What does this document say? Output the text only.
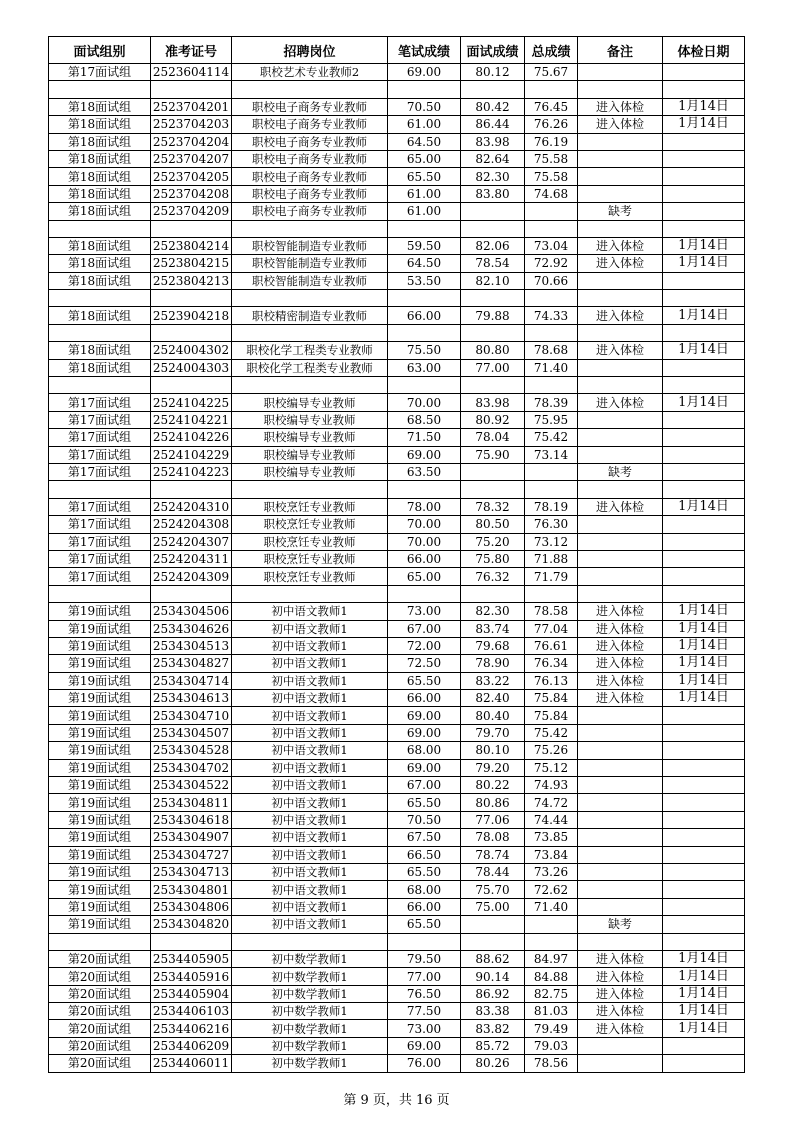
面试组别	准考证号	招聘岗位	笔试成绩	面试成绩	总成绩	备注	体检日期
第17面试组	2523604114	职校艺术专业教师2	69.00	80.12	75.67		

第18面试组	2523704201	职校电子商务专业教师	70.50	80.42	76.45	进入体检	1月14日
第18面试组	2523704203	职校电子商务专业教师	61.00	86.44	76.26	进入体检	1月14日
第18面试组	2523704204	职校电子商务专业教师	64.50	83.98	76.19		
第18面试组	2523704207	职校电子商务专业教师	65.00	82.64	75.58		
第18面试组	2523704205	职校电子商务专业教师	65.50	82.30	75.58		
第18面试组	2523704208	职校电子商务专业教师	61.00	83.80	74.68		
第18面试组	2523704209	职校电子商务专业教师	61.00			缺考	

第18面试组	2523804214	职校智能制造专业教师	59.50	82.06	73.04	进入体检	1月14日
第18面试组	2523804215	职校智能制造专业教师	64.50	78.54	72.92	进入体检	1月14日
第18面试组	2523804213	职校智能制造专业教师	53.50	82.10	70.66		

第18面试组	2523904218	职校精密制造专业教师	66.00	79.88	74.33	进入体检	1月14日

第18面试组	2524004302	职校化学工程类专业教师	75.50	80.80	78.68	进入体检	1月14日
第18面试组	2524004303	职校化学工程类专业教师	63.00	77.00	71.40		

第17面试组	2524104225	职校编导专业教师	70.00	83.98	78.39	进入体检	1月14日
第17面试组	2524104221	职校编导专业教师	68.50	80.92	75.95		
第17面试组	2524104226	职校编导专业教师	71.50	78.04	75.42		
第17面试组	2524104229	职校编导专业教师	69.00	75.90	73.14		
第17面试组	2524104223	职校编导专业教师	63.50			缺考	

第17面试组	2524204310	职校烹饪专业教师	78.00	78.32	78.19	进入体检	1月14日
第17面试组	2524204308	职校烹饪专业教师	70.00	80.50	76.30		
第17面试组	2524204307	职校烹饪专业教师	70.00	75.20	73.12		
第17面试组	2524204311	职校烹饪专业教师	66.00	75.80	71.88		
第17面试组	2524204309	职校烹饪专业教师	65.00	76.32	71.79		

第19面试组	2534304506	初中语文教师1	73.00	82.30	78.58	进入体检	1月14日
第19面试组	2534304626	初中语文教师1	67.00	83.74	77.04	进入体检	1月14日
第19面试组	2534304513	初中语文教师1	72.00	79.68	76.61	进入体检	1月14日
第19面试组	2534304827	初中语文教师1	72.50	78.90	76.34	进入体检	1月14日
第19面试组	2534304714	初中语文教师1	65.50	83.22	76.13	进入体检	1月14日
第19面试组	2534304613	初中语文教师1	66.00	82.40	75.84	进入体检	1月14日
第19面试组	2534304710	初中语文教师1	69.00	80.40	75.84		
第19面试组	2534304507	初中语文教师1	69.00	79.70	75.42		
第19面试组	2534304528	初中语文教师1	68.00	80.10	75.26		
第19面试组	2534304702	初中语文教师1	69.00	79.20	75.12		
第19面试组	2534304522	初中语文教师1	67.00	80.22	74.93		
第19面试组	2534304811	初中语文教师1	65.50	80.86	74.72		
第19面试组	2534304618	初中语文教师1	70.50	77.06	74.44		
第19面试组	2534304907	初中语文教师1	67.50	78.08	73.85		
第19面试组	2534304727	初中语文教师1	66.50	78.74	73.84		
第19面试组	2534304713	初中语文教师1	65.50	78.44	73.26		
第19面试组	2534304801	初中语文教师1	68.00	75.70	72.62		
第19面试组	2534304806	初中语文教师1	66.00	75.00	71.40		
第19面试组	2534304820	初中语文教师1	65.50			缺考	

第20面试组	2534405905	初中数学教师1	79.50	88.62	84.97	进入体检	1月14日
第20面试组	2534405916	初中数学教师1	77.00	90.14	84.88	进入体检	1月14日
第20面试组	2534405904	初中数学教师1	76.50	86.92	82.75	进入体检	1月14日
第20面试组	2534406103	初中数学教师1	77.50	83.38	81.03	进入体检	1月14日
第20面试组	2534406216	初中数学教师1	73.00	83.82	79.49	进入体检	1月14日
第20面试组	2534406209	初中数学教师1	69.00	85.72	79.03		
第20面试组	2534406011	初中数学教师1	76.00	80.26	78.56		
第 9 页，共 16 页
